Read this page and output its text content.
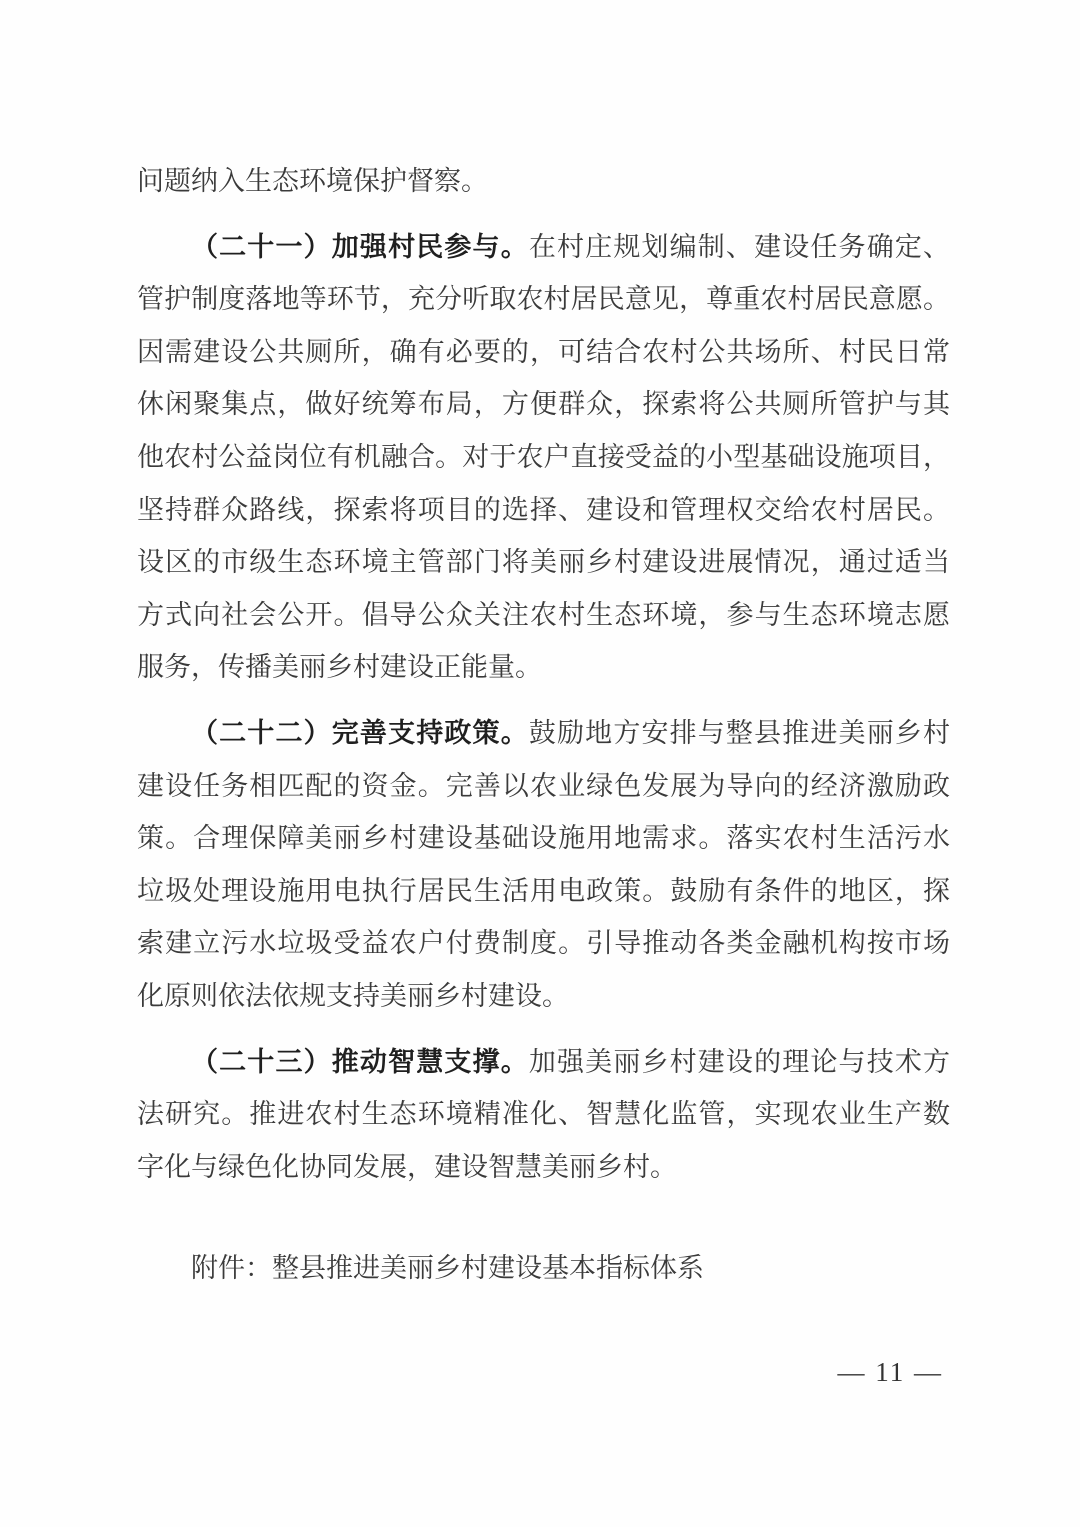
问题纳入生态环境保护督察。
（二十一）加强村民参与。在村庄规划编制、建设任务确定、
管护制度落地等环节，充分听取农村居民意见，尊重农村居民意愿。
因需建设公共厕所，确有必要的，可结合农村公共场所、村民日常
休闲聚集点，做好统筹布局，方便群众，探索将公共厕所管护与其
他农村公益岗位有机融合。对于农户直接受益的小型基础设施项目，
坚持群众路线，探索将项目的选择、建设和管理权交给农村居民。
设区的市级生态环境主管部门将美丽乡村建设进展情况，通过适当
方式向社会公开。倡导公众关注农村生态环境，参与生态环境志愿
服务，传播美丽乡村建设正能量。
（二十二）完善支持政策。鼓励地方安排与整县推进美丽乡村
建设任务相匹配的资金。完善以农业绿色发展为导向的经济激励政
策。合理保障美丽乡村建设基础设施用地需求。落实农村生活污水
垃圾处理设施用电执行居民生活用电政策。鼓励有条件的地区，探
索建立污水垃圾受益农户付费制度。引导推动各类金融机构按市场
化原则依法依规支持美丽乡村建设。
（二十三）推动智慧支撑。加强美丽乡村建设的理论与技术方
法研究。推进农村生态环境精准化、智慧化监管，实现农业生产数
字化与绿色化协同发展，建设智慧美丽乡村。
附件：整县推进美丽乡村建设基本指标体系
— 11 —
